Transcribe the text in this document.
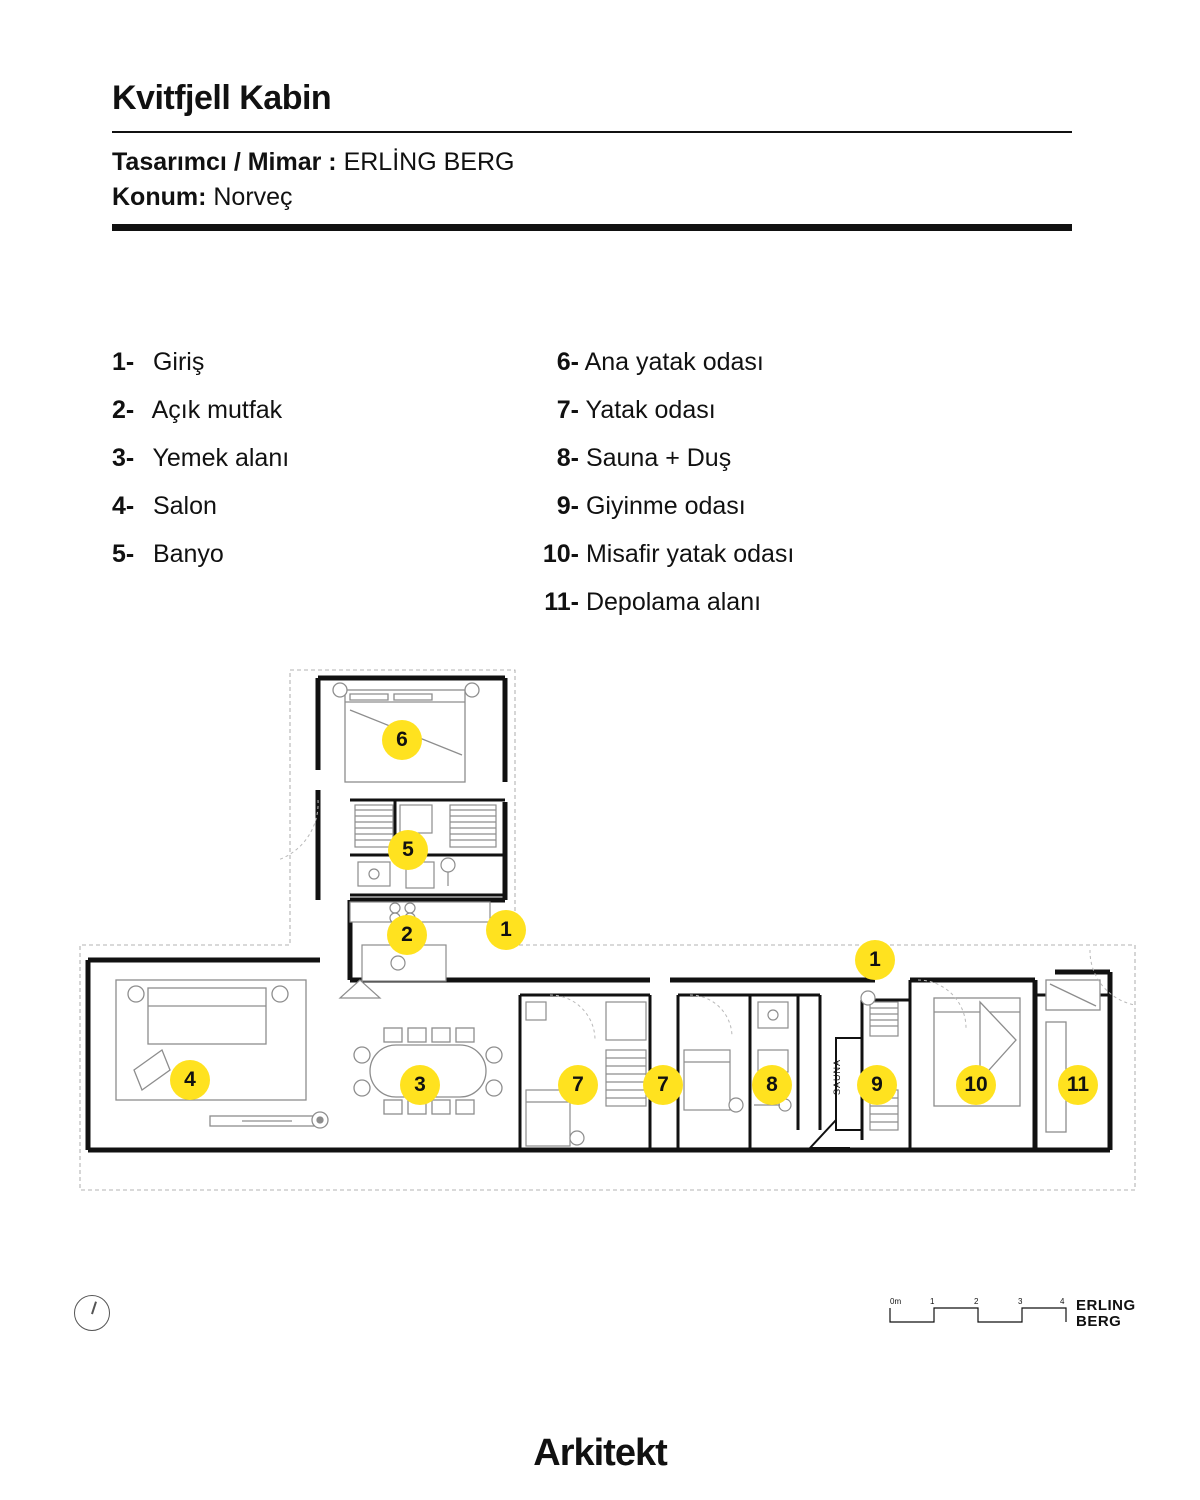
Kvitfjell Kabin
Tasarımcı / Mimar : ERLİNG BERG
Konum: Norveç
1- Giriş
2- Açık mutfak
3- Yemek alanı
4- Salon
5- Banyo
6- Ana yatak odası
7- Yatak odası
8- Sauna + Duş
9- Giyinme odası
10- Misafir yatak odası
11- Depolama alanı
SAUNA
6
5
2	1
1
4	3	7	7	8	9	10	11
0m	1	2	3	4 ERLING
BERG
Arkitekt
